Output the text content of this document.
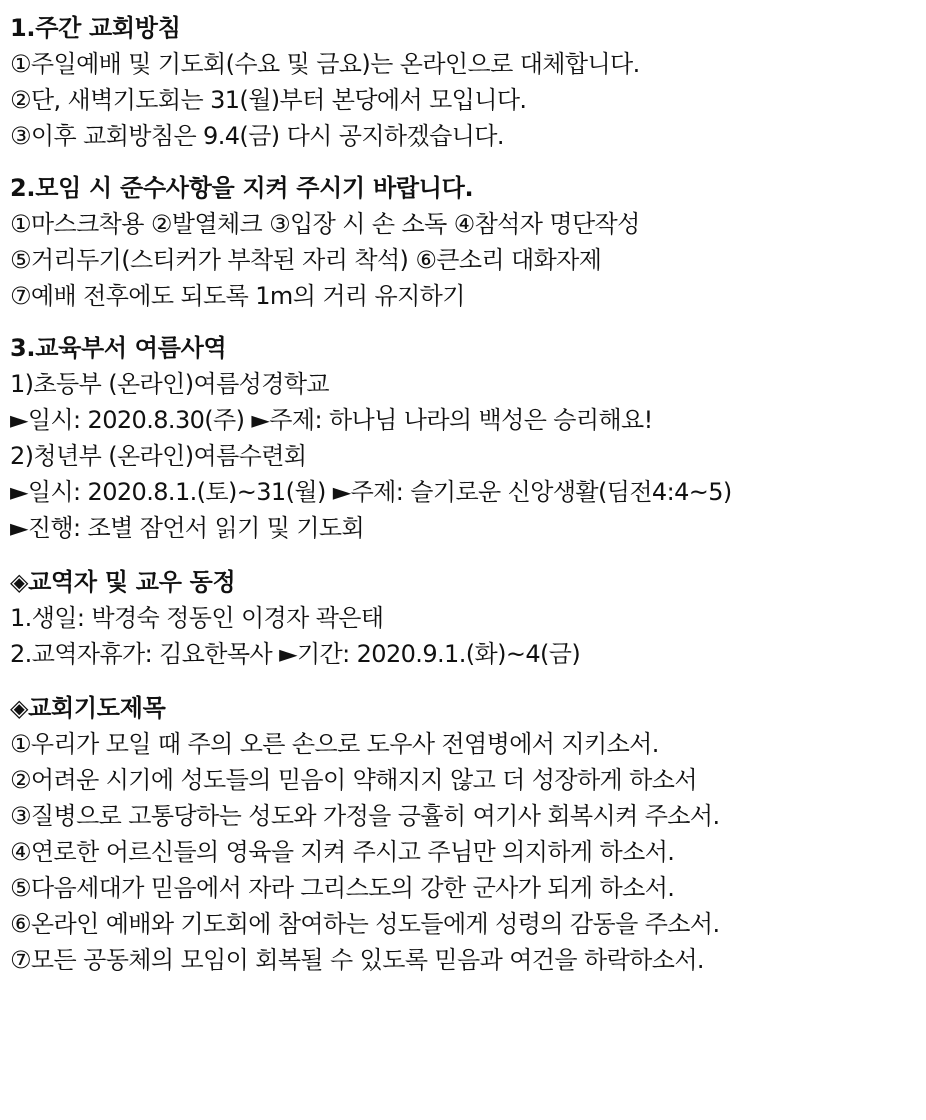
1.주간 교회방침
①주일예배 및 기도회(수요 및 금요)는 온라인으로 대체합니다.
②단, 새벽기도회는 31(월)부터 본당에서 모입니다.
③이후 교회방침은 9.4(금) 다시 공지하겠습니다.
2.모임 시 준수사항을 지켜 주시기 바랍니다.
①마스크착용 ②발열체크 ③입장 시 손 소독 ④참석자 명단작성
⑤거리두기(스티커가 부착된 자리 착석) ⑥큰소리 대화자제
⑦예배 전후에도 되도록 1m의 거리 유지하기
3.교육부서 여름사역
1)초등부 (온라인)여름성경학교
►일시: 2020.8.30(주) ►주제: 하나님 나라의 백성은 승리해요!
2)청년부 (온라인)여름수련회
►일시: 2020.8.1.(토)~31(월) ►주제: 슬기로운 신앙생활(딤전4:4~5)
►진행: 조별 잠언서 읽기 및 기도회
◈교역자 및 교우 동정
1.생일: 박경숙 정동인 이경자 곽은태
2.교역자휴가: 김요한목사 ►기간: 2020.9.1.(화)~4(금)
◈교회기도제목
①우리가 모일 때 주의 오른 손으로 도우사 전염병에서 지키소서.
②어려운 시기에 성도들의 믿음이 약해지지 않고 더 성장하게 하소서
③질병으로 고통당하는 성도와 가정을 긍휼히 여기사 회복시켜 주소서.
④연로한 어르신들의 영육을 지켜 주시고 주님만 의지하게 하소서.
⑤다음세대가 믿음에서 자라 그리스도의 강한 군사가 되게 하소서.
⑥온라인 예배와 기도회에 참여하는 성도들에게 성령의 감동을 주소서.
⑦모든 공동체의 모임이 회복될 수 있도록 믿음과 여건을 하락하소서.
